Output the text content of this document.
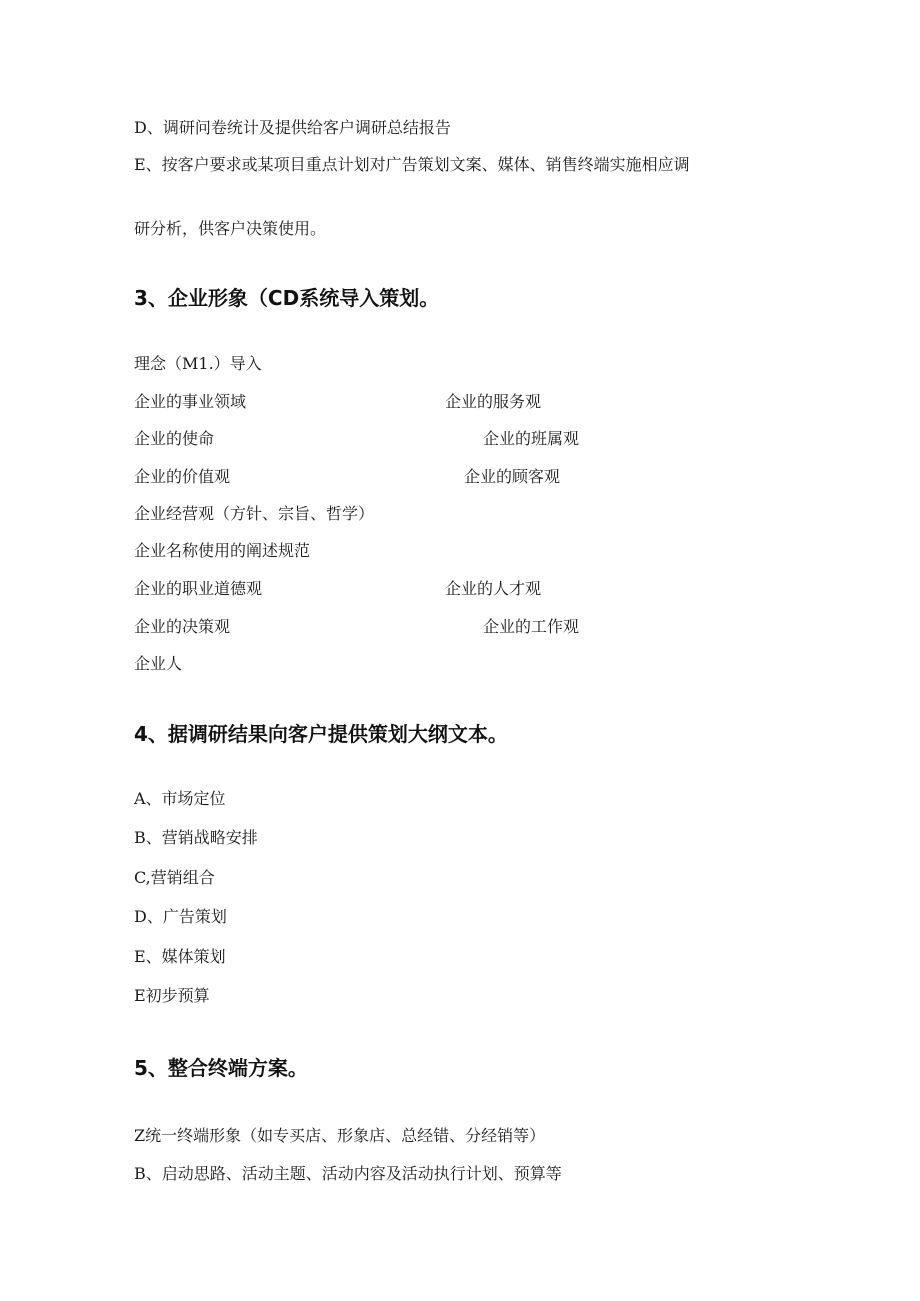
D、调研问卷统计及提供给客户调研总结报告
E、按客户要求或某项目重点计划对广告策划文案、媒体、销售终端实施相应调
研分析，供客户决策使用。
3、企业形象（CD系统导入策划。
理念（M1.）导入
企业的事业领域	企业的服务观
企业的使命	企业的班属观
企业的价值观	企业的顾客观
企业经营观（方针、宗旨、哲学）
企业名称使用的阐述规范
企业的职业道德观	企业的人才观
企业的决策观	企业的工作观
企业人
4、据调研结果向客户提供策划大纲文本。
A、市场定位
B、营销战略安排
C,营销组合
D、广告策划
E、媒体策划
E初步预算
5、整合终端方案。
Z统一终端形象（如专买店、形象店、总经错、分经销等）
B、启动思路、活动主题、活动内容及活动执行计划、预算等
